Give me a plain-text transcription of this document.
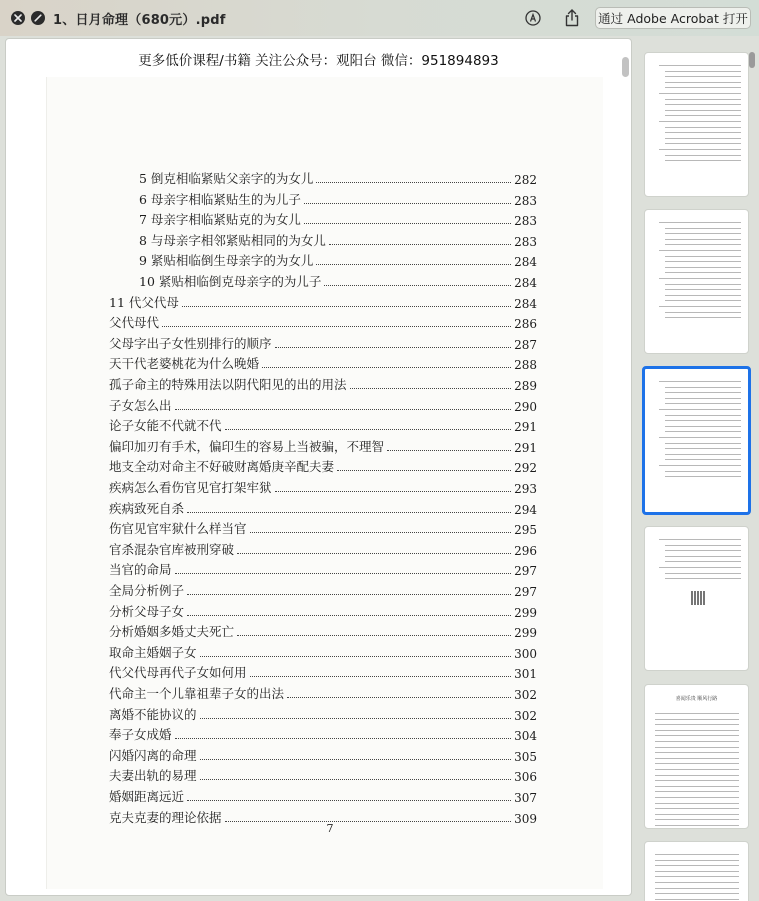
1、日月命理（680元）.pdf	通过 Adobe Acrobat 打开
更多低价课程/书籍 关注公众号：观阳台 微信：951894893
5 倒克相临紧贴父亲字的为女儿	282
6 母亲字相临紧贴生的为儿子	283
7 母亲字相临紧贴克的为女儿	283
8 与母亲字相邻紧贴相同的为女儿	283
9 紧贴相临倒生母亲字的为女儿	284
10 紧贴相临倒克母亲字的为儿子	284
11 代父代母	284
父代母代	286
父母字出子女性别排行的顺序	287
天干代老婆桃花为什么晚婚	288
孤子命主的特殊用法以阴代阳见的出的用法	289
子女怎么出	290
论子女能不代就不代	291
偏印加刃有手术，偏印生的容易上当被骗，不理智	291
地支全动对命主不好破财离婚庚辛配夫妻	292
疾病怎么看伤官见官打架牢狱	293
疾病致死自杀	294
伤官见官牢狱什么样当官	295
官杀混杂官库被刑穿破	296
当官的命局	297
全局分析例子	297
分析父母子女	299
分析婚姻多婚丈夫死亡	299
取命主婚姻子女	300
代父代母再代子女如何用	301
代命主一个儿靠祖辈子女的出法	302
离婚不能协议的	302
奉子女成婚	304
闪婚闪离的命理	305
夫妻出轨的易理	306
婚姻距离远近	307
克夫克妻的理论依据	309
7
喜闻乐贵 顺风行路
